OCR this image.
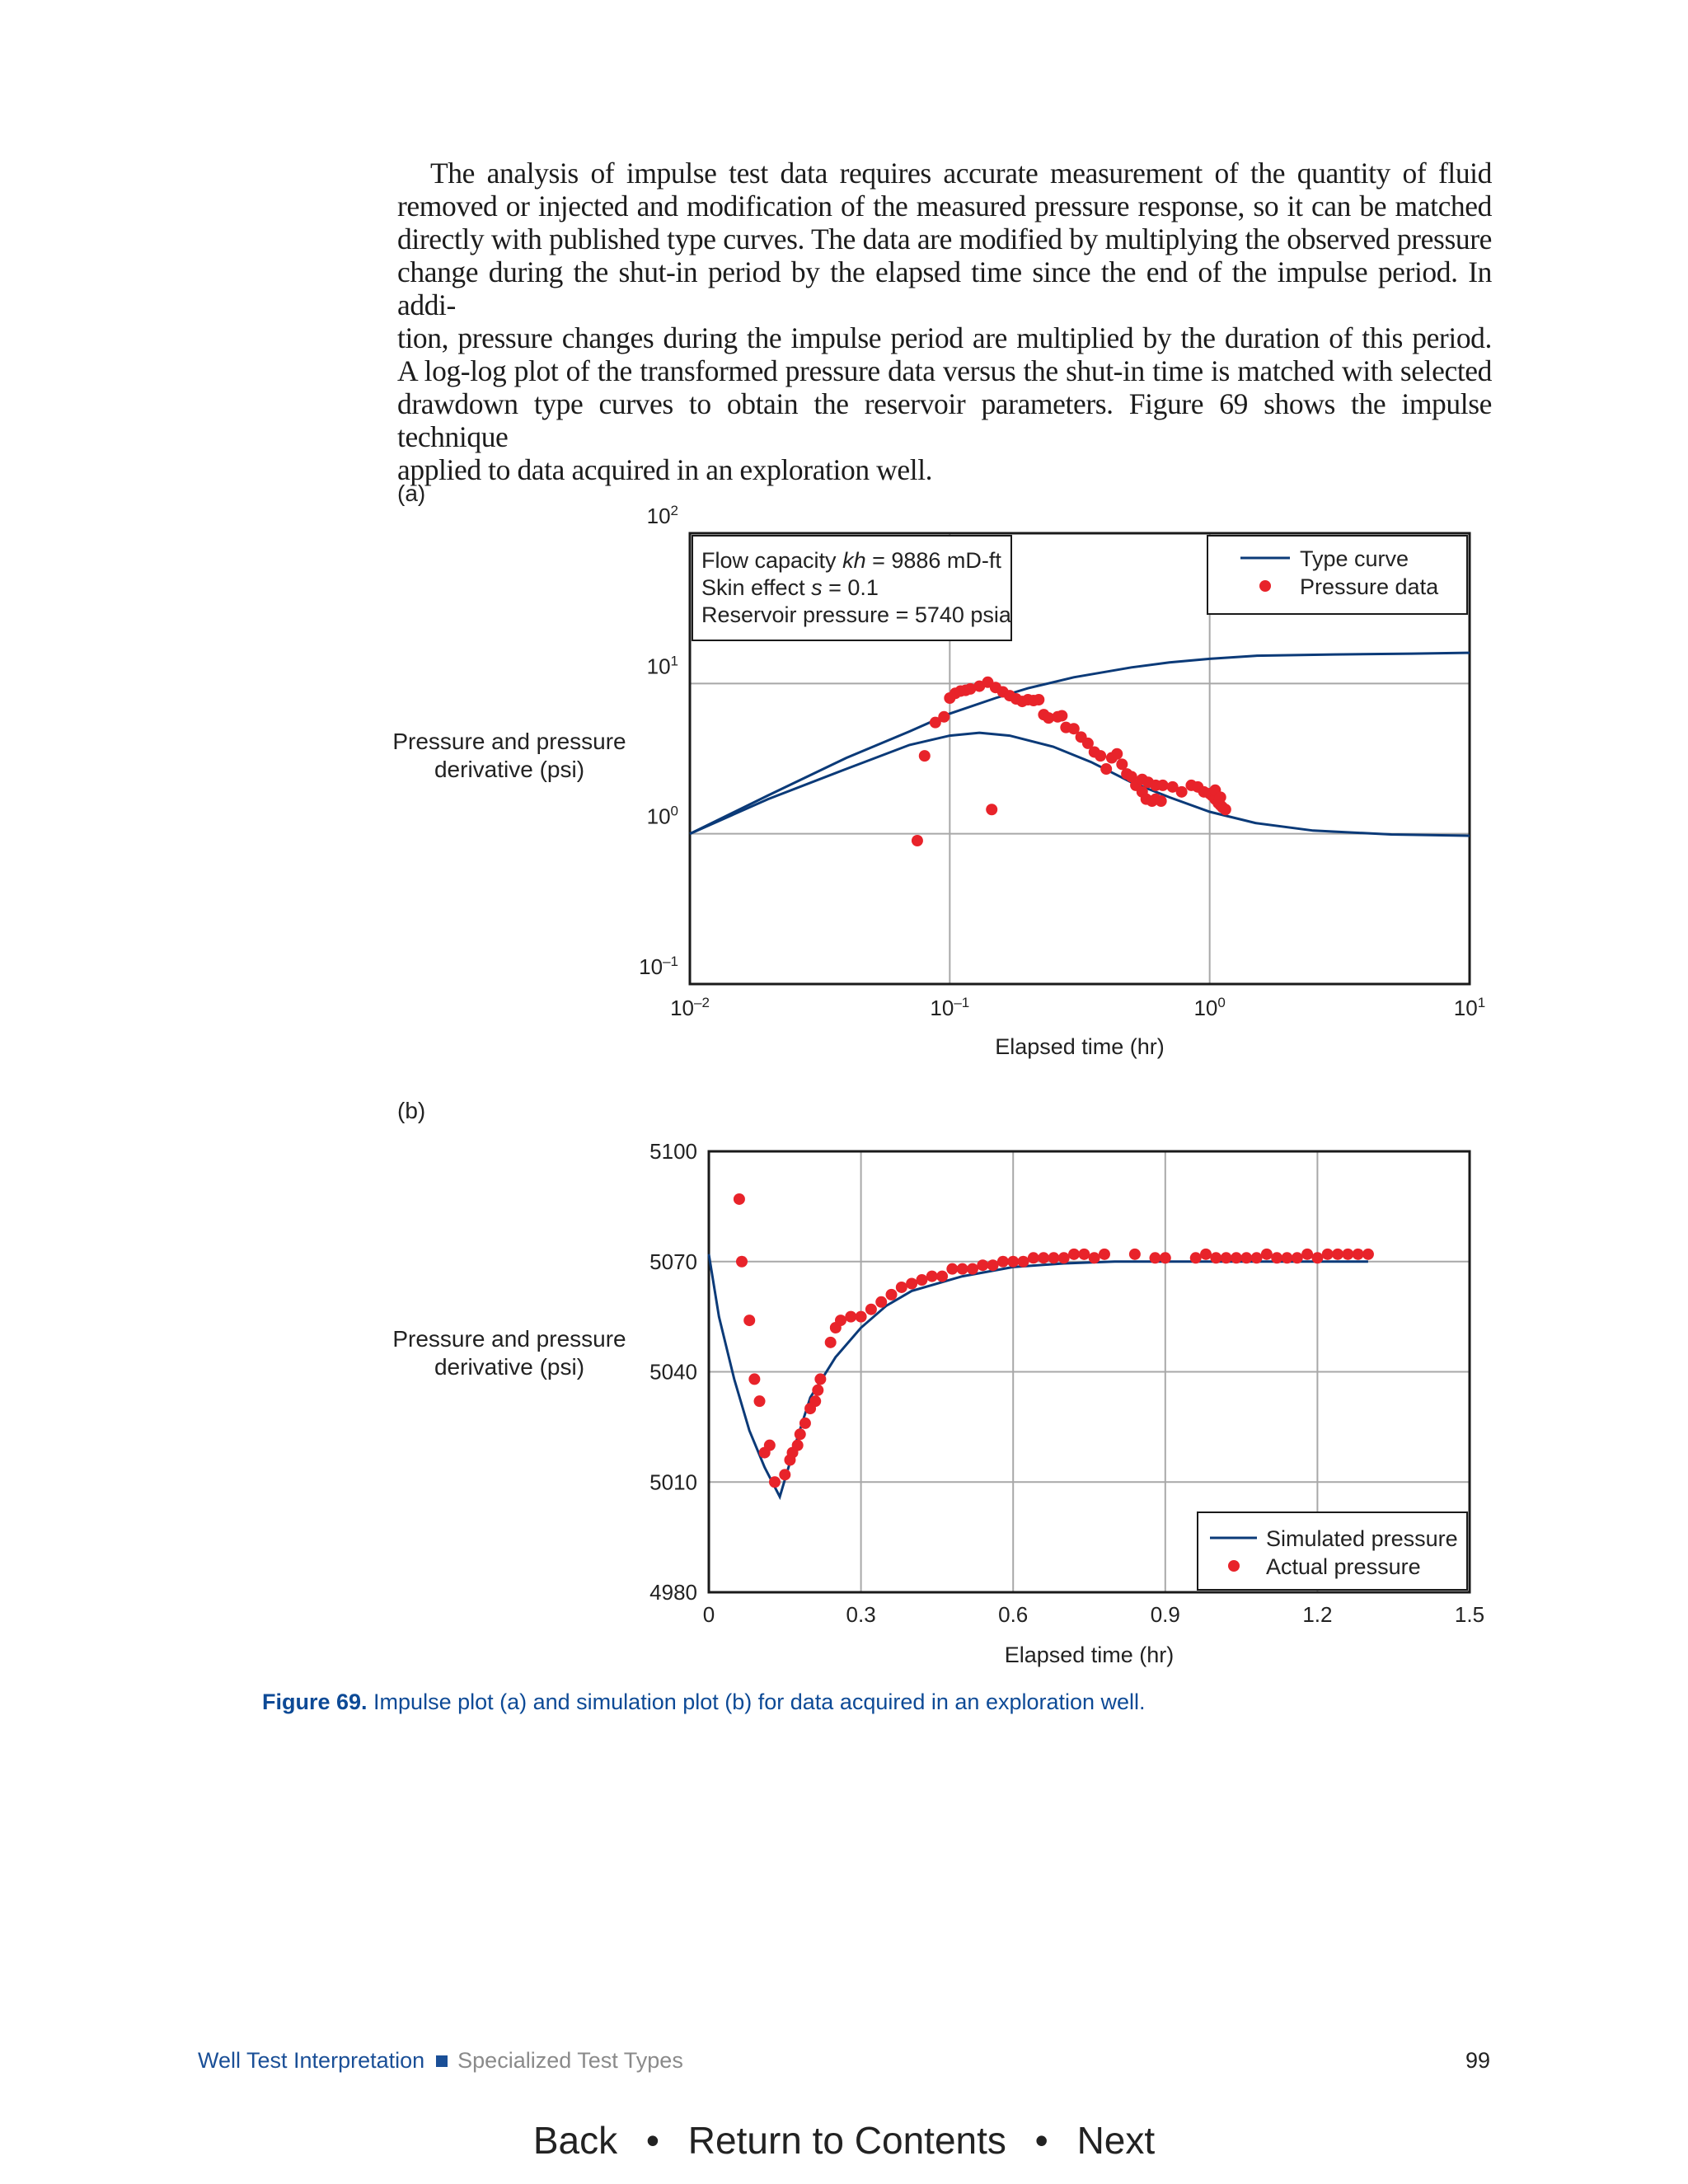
The analysis of impulse test data requires accurate measurement of the quantity of fluid
removed or injected and modification of the measured pressure response, so it can be matched
directly with published type curves. The data are modified by multiplying the observed pressure
change during the shut-in period by the elapsed time since the end of the impulse period. In addi-
tion, pressure changes during the impulse period are multiplied by the duration of this period.
A log-log plot of the transformed pressure data versus the shut-in time is matched with selected
drawdown type curves to obtain the reservoir parameters. Figure 69 shows the impulse technique
applied to data acquired in an exploration well.
(a)
Pressure and pressure
derivative (psi)
(b)
Pressure and pressure
derivative (psi)
$10^{-2}$	$10^{-1}$	$10^0$	$10^1$
$10^{-1}$
$10^0$
$10^1$
$10^2$
Flow capacity kh = 9886 mD-ft
Skin effect s = 0.1
Reservoir pressure = 5740 psia
Type curve
Pressure data
Elapsed time (hr)
0	0.3	0.6	0.9	1.2	1.5
4980
5010
5040
5070
5100
Simulated pressure
Actual pressure
Elapsed time (hr)
Figure 69. Impulse plot (a) and simulation plot (b) for data acquired in an exploration well.
Well Test Interpretation Specialized Test Types	99
Back • Return to Contents • Next
